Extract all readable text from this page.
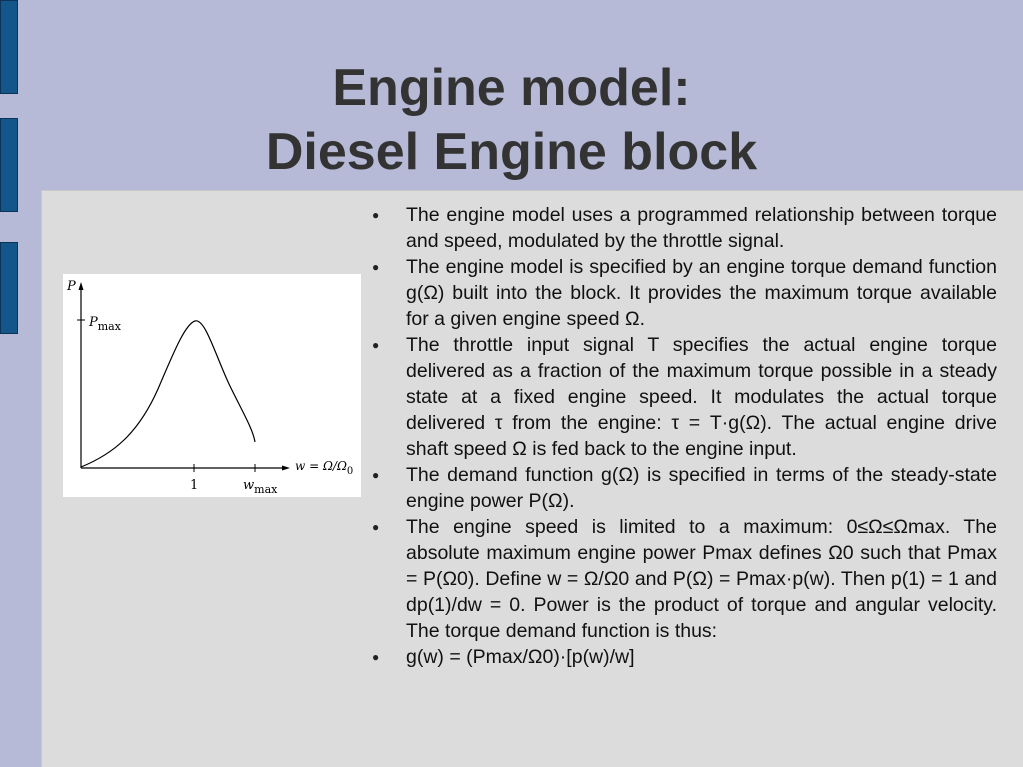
Engine model:
Diesel Engine block
P
$P_{max}$
$w = \Omega/\Omega_0$
1	$w_{max}$
● The engine model uses a programmed relationship between torque and speed, modulated by the throttle signal.
● The engine model is specified by an engine torque demand function g(Ω) built into the block. It provides the maximum torque available for a given engine speed Ω.
● The throttle input signal T specifies the actual engine torque delivered as a fraction of the maximum torque possible in a steady state at a fixed engine speed. It modulates the actual torque delivered τ from the engine: τ = T·g(Ω). The actual engine drive shaft speed Ω is fed back to the engine input.
● The demand function g(Ω) is specified in terms of the steady-state engine power P(Ω).
● The engine speed is limited to a maximum: 0≤Ω≤Ωmax. The absolute maximum engine power Pmax defines Ω0 such that Pmax = P(Ω0). Define w = Ω/Ω0 and P(Ω) = Pmax·p(w). Then p(1) = 1 and dp(1)/dw = 0. Power is the product of torque and angular velocity. The torque demand function is thus:
● g(w) = (Pmax/Ω0)·[p(w)/w]
